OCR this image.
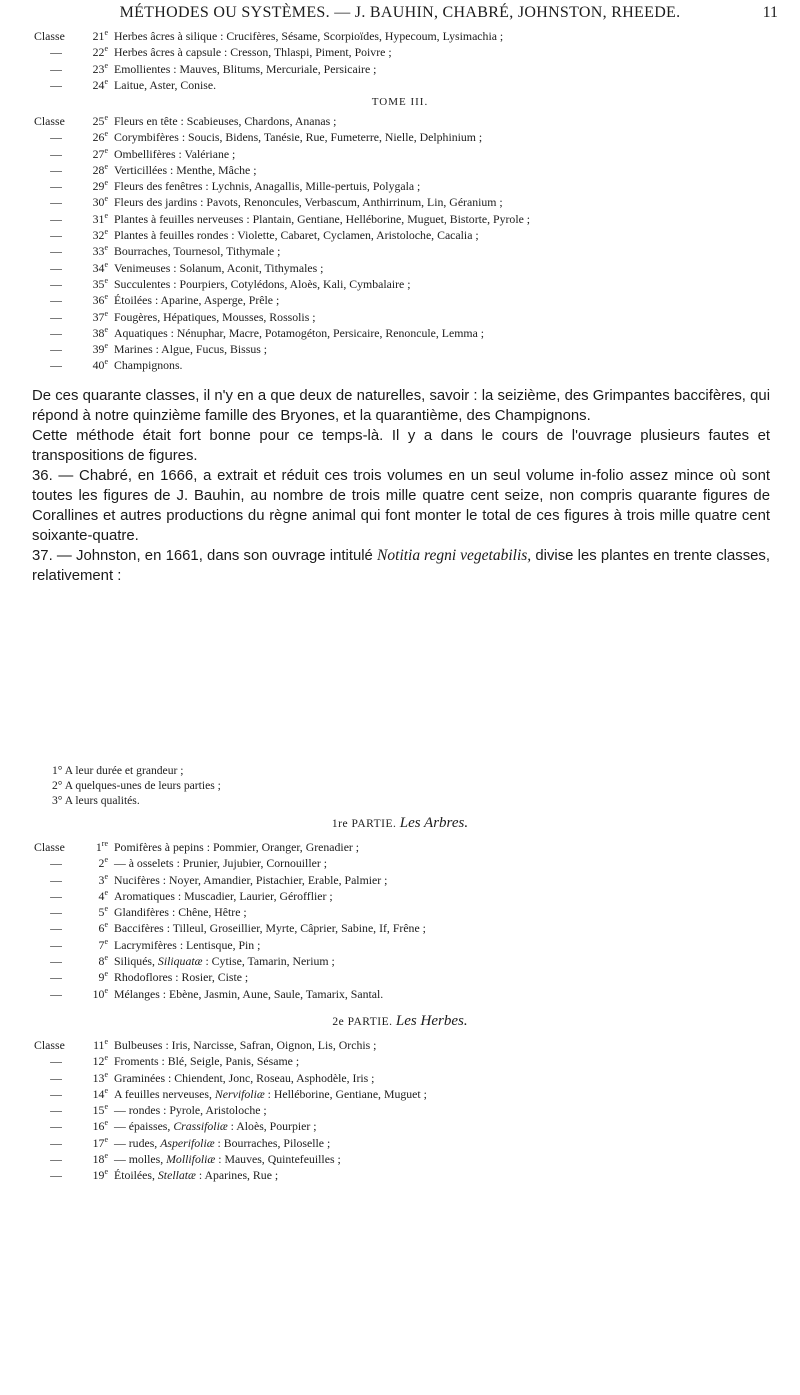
MÉTHODES OU SYSTÈMES. — J. BAUHIN, CHABRÉ, JOHNSTON, RHEEDE.	11
Classe	21e Herbes âcres à silique : Crucifères, Sésame, Scorpioïdes, Hypecoum, Lysimachia ;
—	22e Herbes âcres à capsule : Cresson, Thlaspi, Piment, Poivre ;
—	23e Emollientes : Mauves, Blitums, Mercuriale, Persicaire ;
—	24e Laitue, Aster, Conise.
TOME III.
Classe	25e Fleurs en tête : Scabieuses, Chardons, Ananas ;
—	26e Corymbifères : Soucis, Bidens, Tanésie, Rue, Fumeterre, Nielle, Delphinium ;
—	27e Ombellifères : Valériane ;
—	28e Verticillées : Menthe, Mâche ;
—	29e Fleurs des fenêtres : Lychnis, Anagallis, Mille-pertuis, Polygala ;
—	30e Fleurs des jardins : Pavots, Renoncules, Verbascum, Anthirrinum, Lin, Géranium ;
—	31e Plantes à feuilles nerveuses : Plantain, Gentiane, Helléborine, Muguet, Bistorte, Pyrole ;
—	32e Plantes à feuilles rondes : Violette, Cabaret, Cyclamen, Aristoloche, Cacalia ;
—	33e Bourraches, Tournesol, Tithymale ;
—	34e Venimeuses : Solanum, Aconit, Tithymales ;
—	35e Succulentes : Pourpiers, Cotylédons, Aloès, Kali, Cymbalaire ;
—	36e Étoilées : Aparine, Asperge, Prêle ;
—	37e Fougères, Hépatiques, Mousses, Rossolis ;
—	38e Aquatiques : Nénuphar, Macre, Potamogéton, Persicaire, Renoncule, Lemma ;
—	39e Marines : Algue, Fucus, Bissus ;
—	40e Champignons.

De ces quarante classes, il n'y en a que deux de naturelles, savoir : la seizième, des Grimpantes baccifères, qui répond à notre quinzième famille des Bryones, et la quarantième, des Champignons.

Cette méthode était fort bonne pour ce temps-là. Il y a dans le cours de l'ouvrage plusieurs fautes et transpositions de figures.

36. — Chabré, en 1666, a extrait et réduit ces trois volumes en un seul volume in-folio assez mince où sont toutes les figures de J. Bauhin, au nombre de trois mille quatre cent seize, non compris quarante figures de Corallines et autres productions du règne animal qui font monter le total de ces figures à trois mille quatre cent soixante-quatre.

37. — Johnston, en 1661, dans son ouvrage intitulé Notitia regni vegetabilis, divise les plantes en trente classes, relativement :

1° A leur durée et grandeur ;
2° A quelques-unes de leurs parties ;
3° A leurs qualités.
1re PARTIE. Les Arbres.
Classe	1re Pomifères à pepins : Pommier, Oranger, Grenadier ;
—	2e — à osselets : Prunier, Jujubier, Cornouiller ;
—	3e Nucifères : Noyer, Amandier, Pistachier, Erable, Palmier ;
—	4e Aromatiques : Muscadier, Laurier, Gérofflier ;
—	5e Glandifères : Chêne, Hêtre ;
—	6e Baccifères : Tilleul, Groseillier, Myrte, Câprier, Sabine, If, Frêne ;
—	7e Lacrymifères : Lentisque, Pin ;
—	8e Siliqués, Siliquatæ : Cytise, Tamarin, Nerium ;
—	9e Rhodoflores : Rosier, Ciste ;
—	10e Mélanges : Ebène, Jasmin, Aune, Saule, Tamarix, Santal.
2e PARTIE. Les Herbes.
Classe	11e Bulbeuses : Iris, Narcisse, Safran, Oignon, Lis, Orchis ;
—	12e Froments : Blé, Seigle, Panis, Sésame ;
—	13e Graminées : Chiendent, Jonc, Roseau, Asphodèle, Iris ;
—	14e A feuilles nerveuses, Nervifoliæ : Helléborine, Gentiane, Muguet ;
—	15e — rondes : Pyrole, Aristoloche ;
—	16e — épaisses, Crassifoliæ : Aloès, Pourpier ;
—	17e — rudes, Asperifoliæ : Bourraches, Piloselle ;
—	18e — molles, Mollifoliæ : Mauves, Quintefeuilles ;
—	19e Étoilées, Stellatæ : Aparines, Rue ;
